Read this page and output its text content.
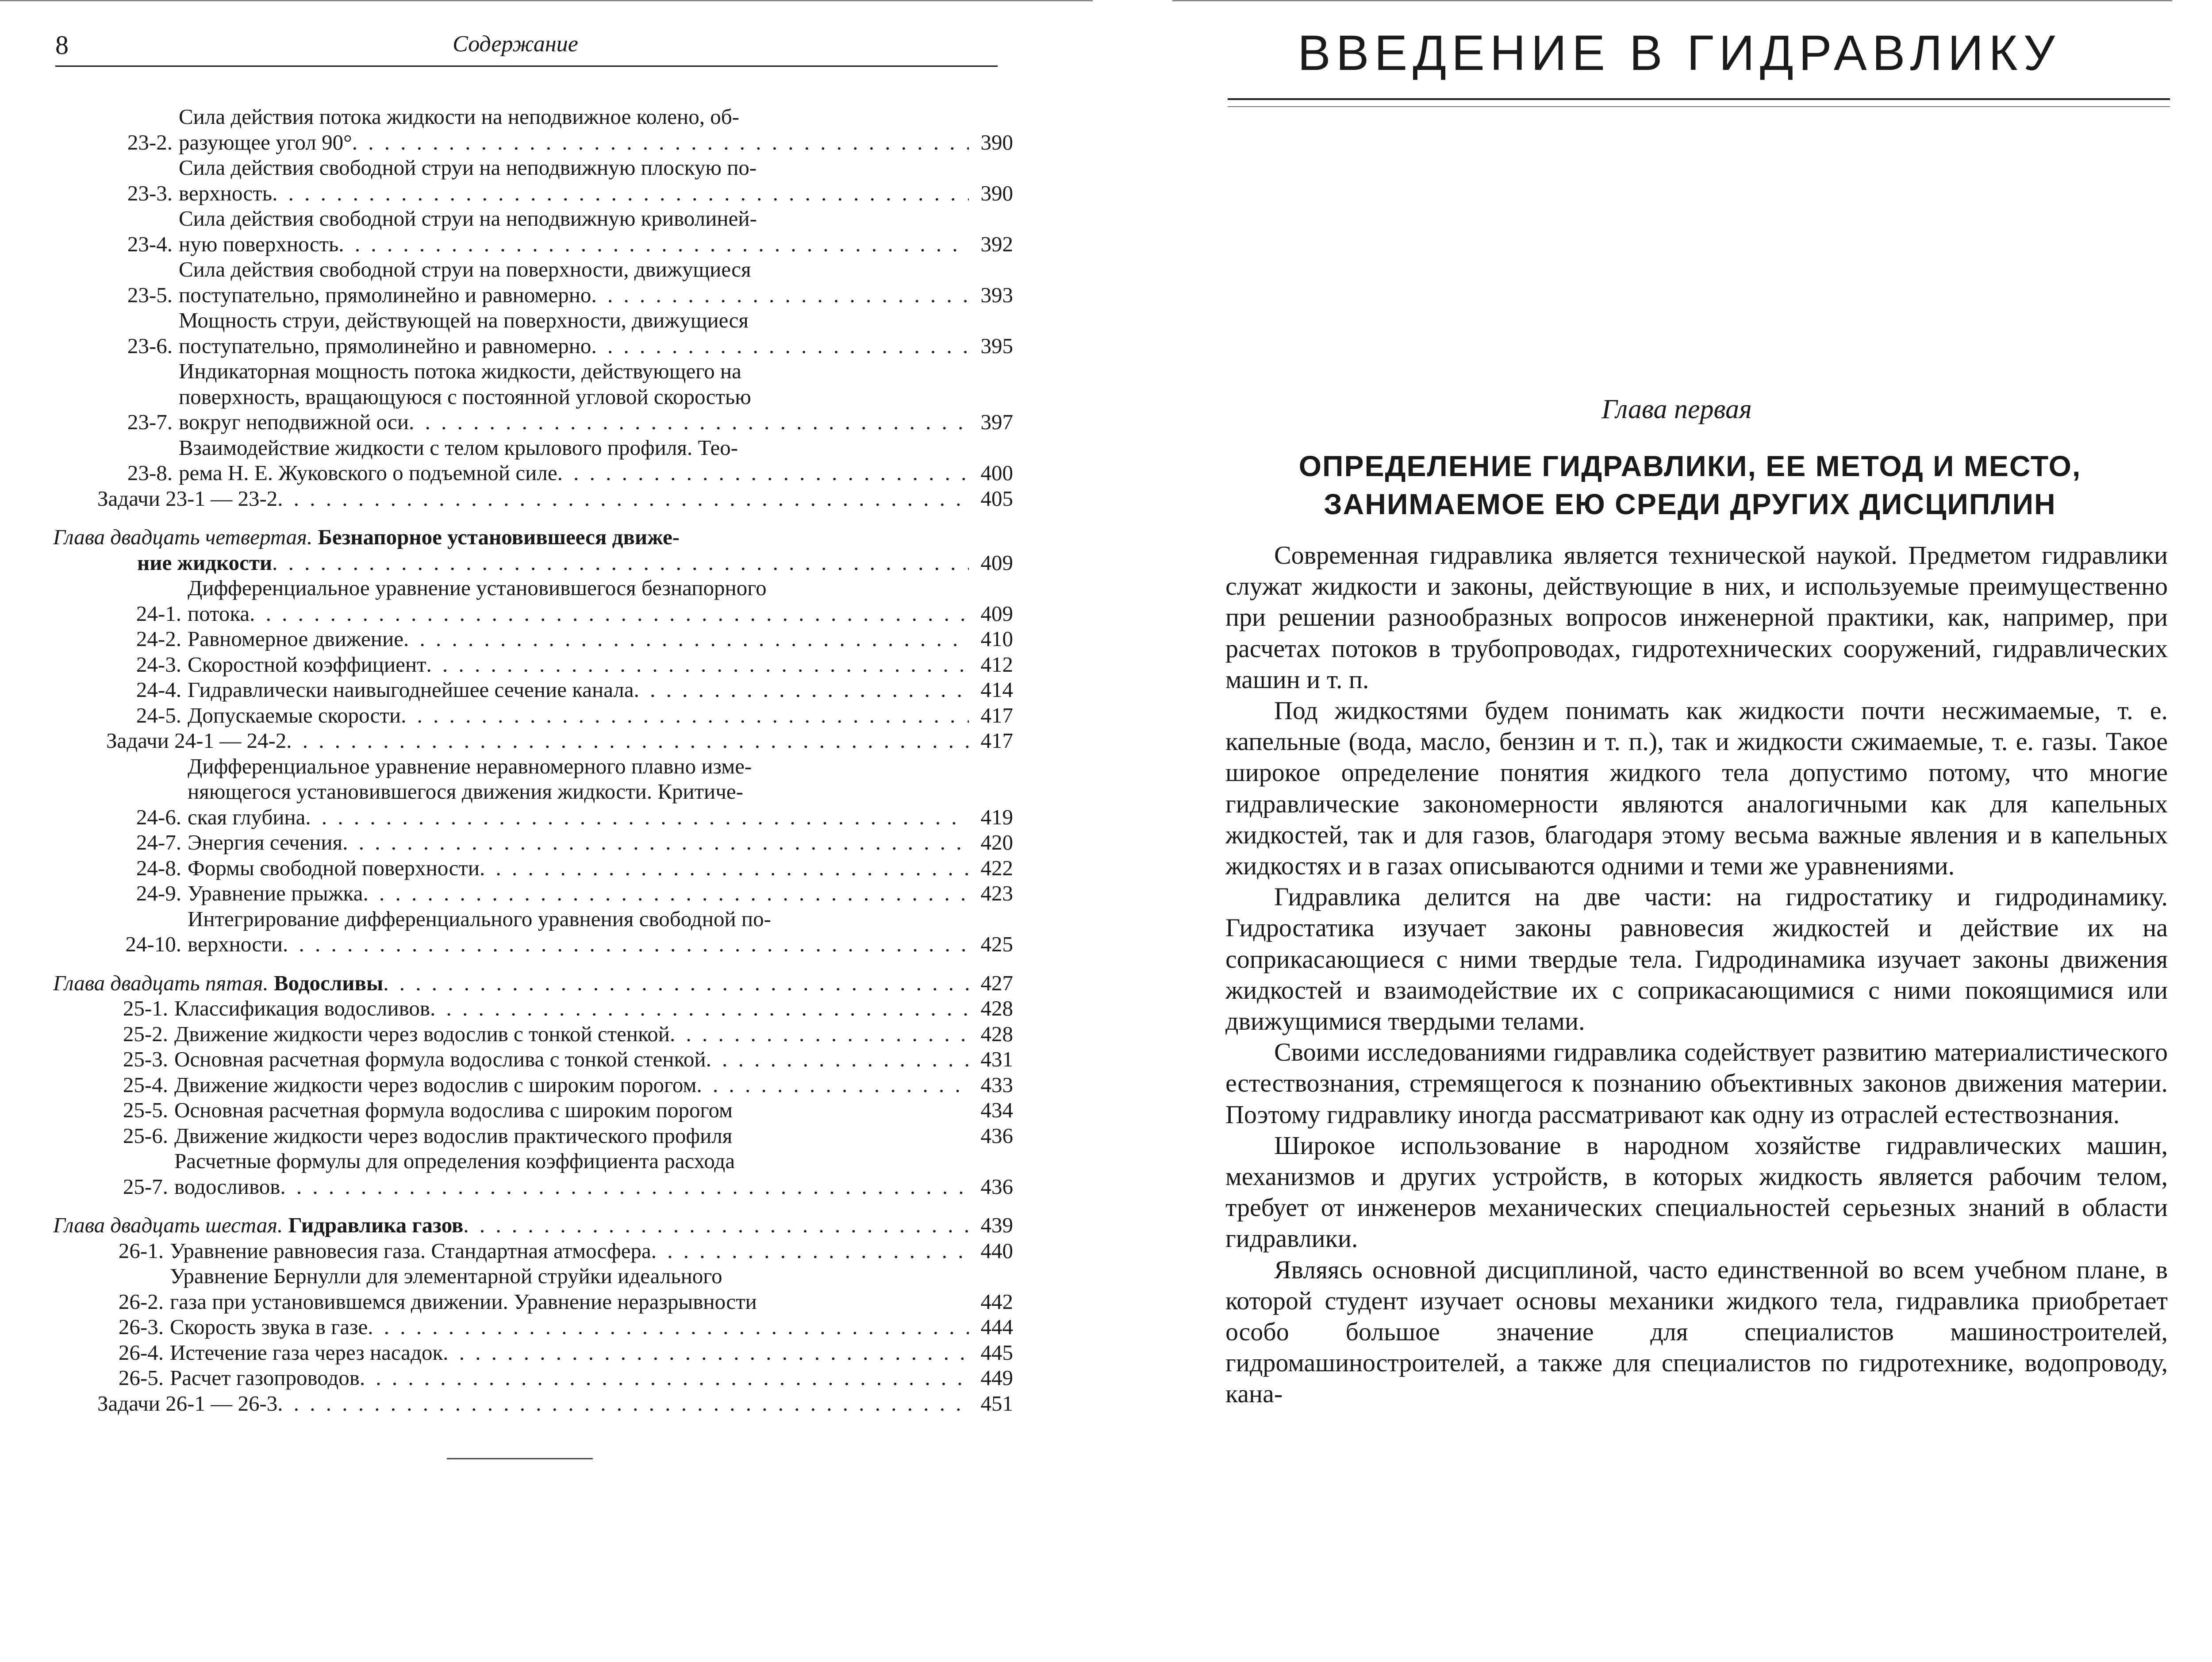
8	Содержание
23-2.
Сила действия потока жидкости на неподвижное колено, об-
разующее угол 90° . . .	390
23-3.
Сила действия свободной струи на неподвижную плоскую по-
верхность . . .	390
23-4.
Сила действия свободной струи на неподвижную криволиней-
ную поверхность . . .	392
23-5.
Сила действия свободной струи на поверхности, движущиеся
поступательно, прямолинейно и равномерно . . .	393
23-6.
Мощность струи, действующей на поверхности, движущиеся
поступательно, прямолинейно и равномерно . . .	395
23-7.
Индикаторная мощность потока жидкости, действующего на
поверхность, вращающуюся с постоянной угловой скоростью
вокруг неподвижной оси . . .	397
23-8.
Взаимодействие жидкости с телом крылового профиля. Тео-
рема Н. Е. Жуковского о подъемной силе . . .	400
Задачи 23-1 — 23-2 . . .	405
Глава двадцать четвертая. Безнапорное установившееся движе-
ние жидкости . . .	409
24-1.
Дифференциальное уравнение установившегося безнапорного
потока . . .	409
24-2. Равномерное движение . . .	410
24-3. Скоростной коэффициент . . .	412
24-4. Гидравлически наивыгоднейшее сечение канала . . .	414
24-5. Допускаемые скорости . . .	417
Задачи 24-1 — 24-2 . . .	417
24-6.
Дифференциальное уравнение неравномерного плавно изме-
няющегося установившегося движения жидкости. Критиче-
ская глубина . . .	419
24-7. Энергия сечения . . .	420
24-8. Формы свободной поверхности . . .	422
24-9. Уравнение прыжка . . .	423
24-10.
Интегрирование дифференциального уравнения свободной по-
верхности . . .	425
Глава двадцать пятая.
Водосливы . . .	427
25-1. Классификация водосливов . . .	428
25-2. Движение жидкости через водослив с тонкой стенкой . . .	428
25-3. Основная расчетная формула водослива с тонкой стенкой . . .	431
25-4. Движение жидкости через водослив с широким порогом . . .	433
25-5. Основная расчетная формула водослива с широким порогом	434
25-6. Движение жидкости через водослив практического профиля	436
25-7.
Расчетные формулы для определения коэффициента расхода
водосливов . . .	436
Глава двадцать шестая.
Гидравлика газов . . .	439
26-1. Уравнение равновесия газа. Стандартная атмосфера . . .	440
26-2.
Уравнение Бернулли для элементарной струйки идеального
газа при установившемся движении. Уравнение неразрывности	442
26-3. Скорость звука в газе . . .	444
26-4. Истечение газа через насадок . . .	445
26-5. Расчет газопроводов . . .	449
Задачи 26-1 — 26-3 . . .	451
ВВЕДЕНИЕ В ГИДРАВЛИКУ
Глава первая
ОПРЕДЕЛЕНИЕ ГИДРАВЛИКИ, ЕЕ МЕТОД И МЕСТО,
ЗАНИМАЕМОЕ ЕЮ СРЕДИ ДРУГИХ ДИСЦИПЛИН

Современная гидравлика является технической наукой. Предметом гидравлики служат жидкости и законы, действующие в них, и используемые преимущественно при решении разнообразных вопросов инженерной практики, как, например, при расчетах потоков в трубопроводах, гидротехнических сооружений, гидравлических машин и т. п.

Под жидкостями будем понимать как жидкости почти несжимаемые, т. е. капельные (вода, масло, бензин и т. п.), так и жидкости сжимаемые, т. е. газы. Такое широкое определение понятия жидкого тела допустимо потому, что многие гидравлические закономерности являются аналогичными как для капельных жидкостей, так и для газов, благодаря этому весьма важные явления и в капельных жидкостях и в газах описываются одними и теми же уравнениями.

Гидравлика делится на две части: на гидростатику и гидродинамику. Гидростатика изучает законы равновесия жидкостей и действие их на соприкасающиеся с ними твердые тела. Гидродинамика изучает законы движения жидкостей и взаимодействие их с соприкасающимися с ними покоящимися или движущимися твердыми телами.

Своими исследованиями гидравлика содействует развитию материалистического естествознания, стремящегося к познанию объективных законов движения материи. Поэтому гидравлику иногда рассматривают как одну из отраслей естествознания.

Широкое использование в народном хозяйстве гидравлических машин, механизмов и других устройств, в которых жидкость является рабочим телом, требует от инженеров механических специальностей серьезных знаний в области гидравлики.

Являясь основной дисциплиной, часто единственной во всем учебном плане, в которой студент изучает основы механики жидкого тела, гидравлика приобретает особо большое значение для специалистов машиностроителей, гидромашиностроителей, а также для специалистов по гидротехнике, водопроводу, кана-
